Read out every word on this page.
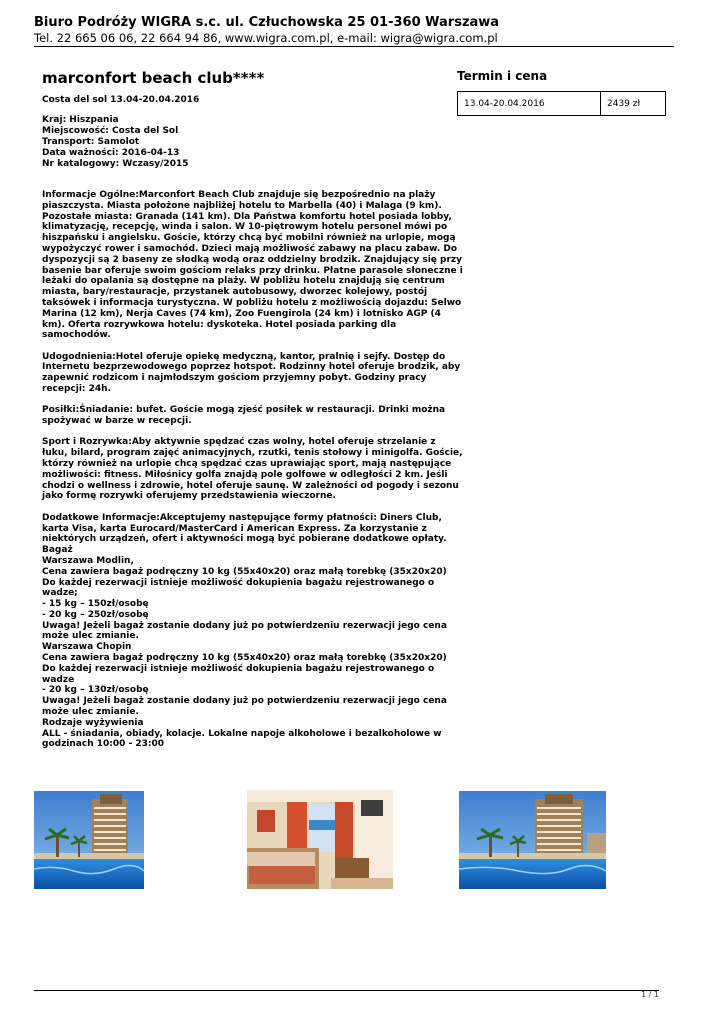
Biuro Podróży WIGRA s.c. ul. Człuchowska 25 01-360 Warszawa
Tel. 22 665 06 06, 22 664 94 86, www.wigra.com.pl, e-mail: wigra@wigra.com.pl
marconfort beach club****
Costa del sol 13.04-20.04.2016
Kraj: Hiszpania
Miejscowość: Costa del Sol
Transport: Samolot
Data ważności: 2016-04-13
Nr katalogowy: Wczasy/2015
Informacje Ogólne:Marconfort Beach Club znajduje się bezpośrednio na plaży
piaszczysta. Miasta położone najbliżej hotelu to Marbella (40) i Malaga (9 km).
Pozostałe miasta: Granada (141 km). Dla Państwa komfortu hotel posiada lobby,
klimatyzację, recepcję, winda i salon. W 10-piętrowym hotelu personel mówi po
hiszpańsku i angielsku. Goście, którzy chcą być mobilni również na urlopie, mogą
wypożyczyć rower i samochód. Dzieci mają możliwość zabawy na placu zabaw. Do
dyspozycji są 2 baseny ze słodką wodą oraz oddzielny brodzik. Znajdujący się przy
basenie bar oferuje swoim gościom relaks przy drinku. Płatne parasole słoneczne i
leżaki do opalania są dostępne na plaży. W pobliżu hotelu znajdują się centrum
miasta, bary/restauracje, przystanek autobusowy, dworzec kolejowy, postój
taksówek i informacja turystyczna. W pobliżu hotelu z możliwością dojazdu: Selwo
Marina (12 km), Nerja Caves (74 km), Zoo Fuengirola (24 km) i lotnisko AGP (4
km). Oferta rozrywkowa hotelu: dyskoteka. Hotel posiada parking dla
samochodów.
Udogodnienia:Hotel oferuje opiekę medyczną, kantor, pralnię i sejfy. Dostęp do
Internetu bezprzewodowego poprzez hotspot. Rodzinny hotel oferuje brodzik, aby
zapewnić rodzicom i najmłodszym gościom przyjemny pobyt. Godziny pracy
recepcji: 24h.
Posiłki:Śniadanie: bufet. Goście mogą zjeść posiłek w restauracji. Drinki można
spożywać w barze w recepcji.
Sport i Rozrywka:Aby aktywnie spędzać czas wolny, hotel oferuje strzelanie z
łuku, bilard, program zajęć animacyjnych, rzutki, tenis stołowy i minigolfa. Goście,
którzy również na urlopie chcą spędzać czas uprawiając sport, mają następujące
możliwości: fitness. Miłośnicy golfa znajdą pole golfowe w odległości 2 km. Jeśli
chodzi o wellness i zdrowie, hotel oferuje saunę. W zależności od pogody i sezonu
jako formę rozrywki oferujemy przedstawienia wieczorne.
Dodatkowe Informacje:Akceptujemy następujące formy płatności: Diners Club,
karta Visa, karta Eurocard/MasterCard i American Express. Za korzystanie z
niektórych urządzeń, ofert i aktywności mogą być pobierane dodatkowe opłaty.
Bagaż
Warszawa Modlin,
Cena zawiera bagaż podręczny 10 kg (55x40x20) oraz małą torebkę (35x20x20)
Do każdej rezerwacji istnieje możliwość dokupienia bagażu rejestrowanego o
wadze;
- 15 kg – 150zł/osobę
- 20 kg – 250zł/osobę
Uwaga! Jeżeli bagaż zostanie dodany już po potwierdzeniu rezerwacji jego cena
może ulec zmianie.
Warszawa Chopin
Cena zawiera bagaż podręczny 10 kg (55x40x20) oraz małą torebkę (35x20x20)
Do każdej rezerwacji istnieje możliwość dokupienia bagażu rejestrowanego o
wadze
- 20 kg – 130zł/osobę
Uwaga! Jeżeli bagaż zostanie dodany już po potwierdzeniu rezerwacji jego cena
może ulec zmianie.
Rodzaje wyżywienia
ALL - śniadania, obiady, kolacje. Lokalne napoje alkoholowe i bezalkoholowe w
godzinach 10:00 - 23:00
Termin i cena
13.04-20.04.2016	2439 zł
1 / 1
